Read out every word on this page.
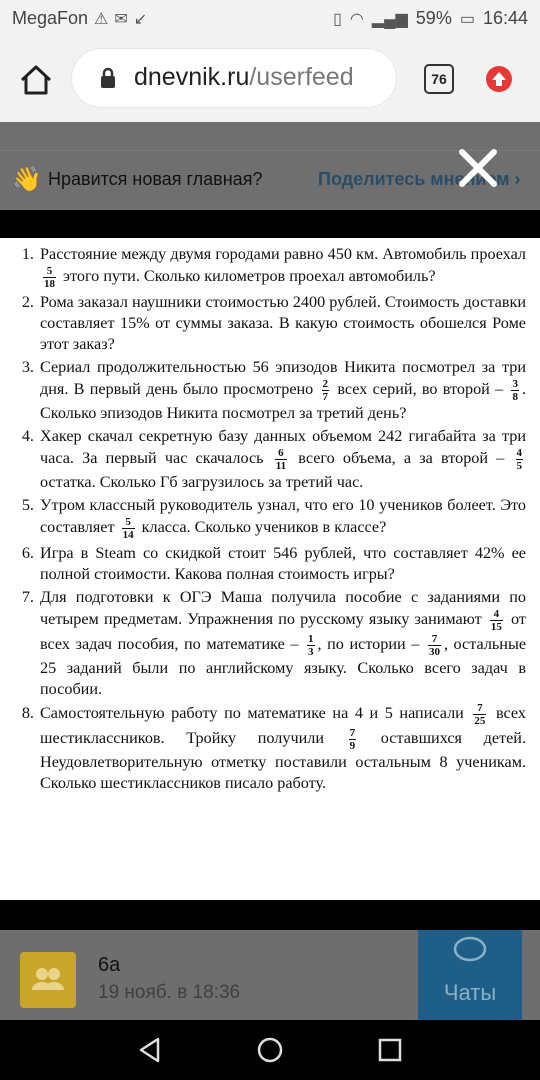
MegaFon ⚠ ✉ ↙	▯ ◠ ▂▄▆ 59% ▭ 16:44
dnevnik.ru/userfeed	76
👋 Нравится новая главная?	Поделитесь мнением ›
1. Расстояние между двумя городами равно 450 км. Автомобиль проехал
$\frac{5}{18}$ этого пути. Сколько километров проехал автомобиль?
2. Рома заказал наушники стоимостью 2400 рублей. Стоимость доставки составляет 15% от суммы заказа. В какую стоимость обошелся Роме этот заказ?
3. Сериал продолжительностью 56 эпизодов Никита посмотрел за три дня. В первый день было просмотрено $\frac{2}{7}$ всех серий, во второй – $\frac{3}{8}$ . Сколько эпизодов Никита посмотрел за третий день?
4. Хакер скачал секретную базу данных объемом 242 гигабайта за три часа. За первый час скачалось $\frac{6}{11}$ всего объема, а за второй – $\frac{4}{5}$
остатка. Сколько Гб загрузилось за третий час.
5. Утром классный руководитель узнал, что его 10 учеников болеет. Это составляет $\frac{5}{14}$ класса. Сколько учеников в классе?
6. Игра в Steam со скидкой стоит 546 рублей, что составляет 42% ее полной стоимости. Какова полная стоимость игры?
7. Для подготовки к ОГЭ Маша получила пособие с заданиями по четырем предметам. Упражнения по русскому языку занимают $\frac{4}{15}$ от всех задач пособия, по математике – $\frac{1}{3}$ , по истории – $\frac{7}{30}$ , остальные 25 заданий были по английскому языку. Сколько всего задач в пособии.
8. Самостоятельную работу по математике на 4 и 5 написали $\frac{7}{25}$ всех шестиклассников. Тройку получили $\frac{7}{9}$ оставшихся детей. Неудовлетворительную отметку поставили остальным 8 ученикам. Сколько шестиклассников писало работу.
6а
19 нояб. в 18:36	Чаты
